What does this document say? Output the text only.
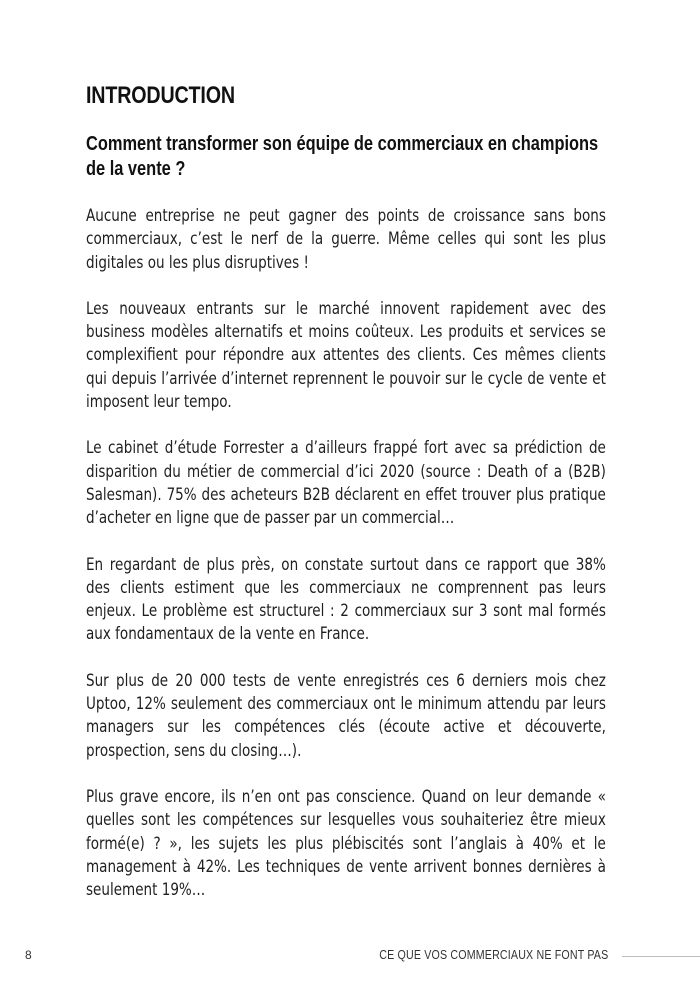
INTRODUCTION
Comment transformer son équipe de commerciaux en champions de la vente ?

Aucune entreprise ne peut gagner des points de croissance sans bons commerciaux, c’est le nerf de la guerre. Même celles qui sont les plus digitales ou les plus disruptives !

Les nouveaux entrants sur le marché innovent rapidement avec des business modèles alternatifs et moins coûteux. Les produits et services se complexifient pour répondre aux attentes des clients. Ces mêmes clients qui depuis l’arrivée d’internet reprennent le pouvoir sur le cycle de vente et imposent leur tempo.

Le cabinet d’étude Forrester a d’ailleurs frappé fort avec sa prédiction de disparition du métier de commercial d’ici 2020 (source : Death of a (B2B) Salesman). 75% des acheteurs B2B déclarent en effet trouver plus pratique d’acheter en ligne que de passer par un commercial…

En regardant de plus près, on constate surtout dans ce rapport que 38% des clients estiment que les commerciaux ne comprennent pas leurs enjeux. Le problème est structurel : 2 commerciaux sur 3 sont mal formés aux fondamentaux de la vente en France.

Sur plus de 20 000 tests de vente enregistrés ces 6 derniers mois chez Uptoo, 12% seulement des commerciaux ont le minimum attendu par leurs managers sur les compétences clés (écoute active et découverte, prospection, sens du closing…).

Plus grave encore, ils n’en ont pas conscience. Quand on leur demande « quelles sont les compétences sur lesquelles vous souhaiteriez être mieux formé(e) ? », les sujets les plus plébiscités sont l’anglais à 40% et le management à 42%. Les techniques de vente arrivent bonnes dernières à seulement 19%…

8	CE QUE VOS COMMERCIAUX NE FONT PAS
